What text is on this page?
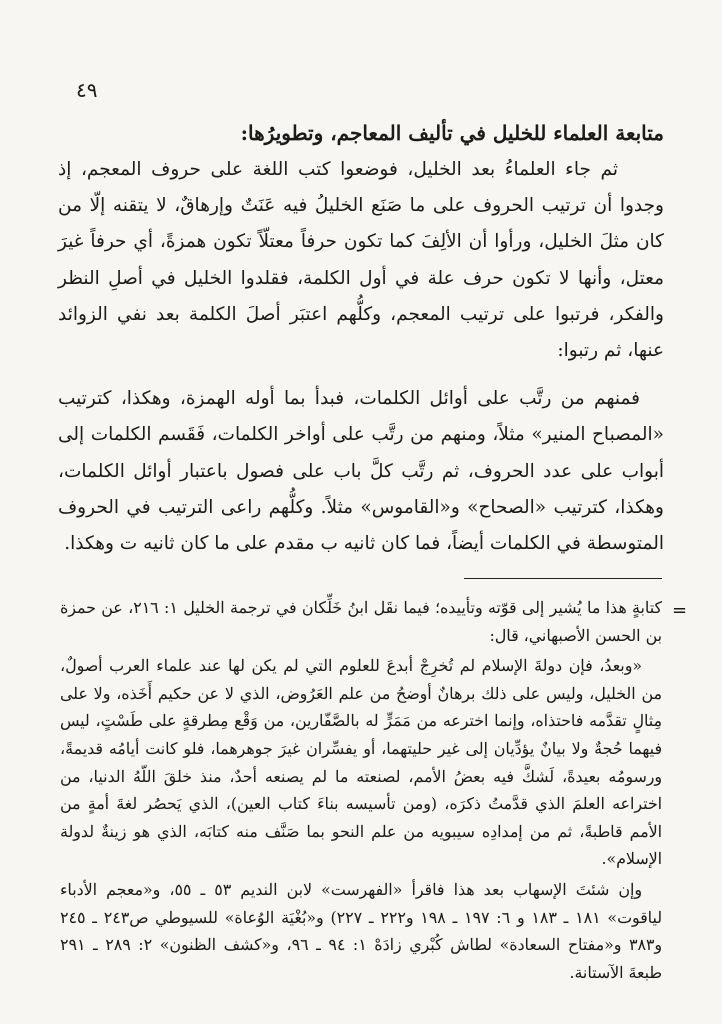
٤٩

متابعة العلماء للخليل في تأليف المعاجم، وتطويرُها:

ثم جاء العلماءُ بعد الخليل، فوضعوا كتب اللغة على حروف المعجم، إذ وجدوا أن ترتيب الحروف على ما صَنَع الخليلُ فيه عَنَتٌ وإرهاقٌ، لا يتقنه إلّا من كان مثلَ الخليل، ورأوا أن الألِفَ كما تكون حرفاً معتلّاً تكون همزةً، أي حرفاً غيرَ معتل، وأنها لا تكون حرف علة في أول الكلمة، فقلدوا الخليل في أصلِ النظر والفكر، فرتبوا على ترتيب المعجم، وكلُّهم اعتبَر أصلَ الكلمة بعد نفي الزوائد عنها، ثم رتبوا:

فمنهم من رتَّب على أوائل الكلمات، فبدأ بما أوله الهمزة، وهكذا، كترتيب «المصباح المنير» مثلاً، ومنهم من رتَّب على أواخر الكلمات، فَقَسم الكلمات إلى أبواب على عدد الحروف، ثم رتَّب كلَّ باب على فصول باعتبار أوائل الكلمات، وهكذا، كترتيب «الصحاح» و«القاموس» مثلاً. وكلُّهم راعى الترتيب في الحروف المتوسطة في الكلمات أيضاً، فما كان ثانيه ب مقدم على ما كان ثانيه ت وهكذا.

=

كتابةٍ هذا ما يُشير إلى قوّته وتأييده؛ فيما نقَل ابنُ خَلِّكان في ترجمة الخليل ١: ٢١٦، عن حمزة بن الحسن الأصبهاني، قال:

«وبعدُ، فإن دولةَ الإسلام لم تُخرِجْ أبدعَ للعلوم التي لم يكن لها عند علماء العرب أصولٌ، من الخليل، وليس على ذلك برهانٌ أوضحُ من علم العَرُوض، الذي لا عن حكيم أَخَذه، ولا على مِثالٍ تقدَّمه فاحتذاه، وإنما اخترعه من مَمَرٍّ له بالصَّفّارين، من وَقْع مِطرقةٍ على طَسْتٍ، ليس فيهما حُجةٌ ولا بيانٌ يؤدِّيان إلى غير حليتهما، أو يفسِّران غيرَ جوهرهما، فلو كانت أيامُه قديمةً، ورسومُه بعيدةً، لَشكَّ فيه بعضُ الأمم، لصنعته ما لم يصنعه أحدٌ، منذ خلقَ اللّهُ الدنيا، من اختراعه العلمَ الذي قدَّمتُ ذكرَه، (ومن تأسيسه بناءَ كتاب العين)، الذي يَحصُر لغةَ أمةٍ من الأمم قاطبةً، ثم من إمدادِه سيبويه من علم النحو بما صَنَّف منه كتابَه، الذي هو زينةٌ لدولة الإسلام».

وإن شئتَ الإسهاب بعد هذا فاقرأ «الفهرست» لابن النديم ٥٣ ـ ٥٥، و«معجم الأدباء لياقوت» ١٨١ ـ ١٨٣ و ٦: ١٩٧ ـ ١٩٨ و٢٢٢ ـ ٢٢٧) و«بُغْيَة الوُعاة» للسيوطي ص٢٤٣ ـ ٢٤٥ و٣٨٣ و«مفتاح السعادة» لطاش كُبْري زادَهْ ١: ٩٤ ـ ٩٦، و«كشف الظنون» ٢: ٢٨٩ ـ ٢٩١ طبعةَ الآستانة.
